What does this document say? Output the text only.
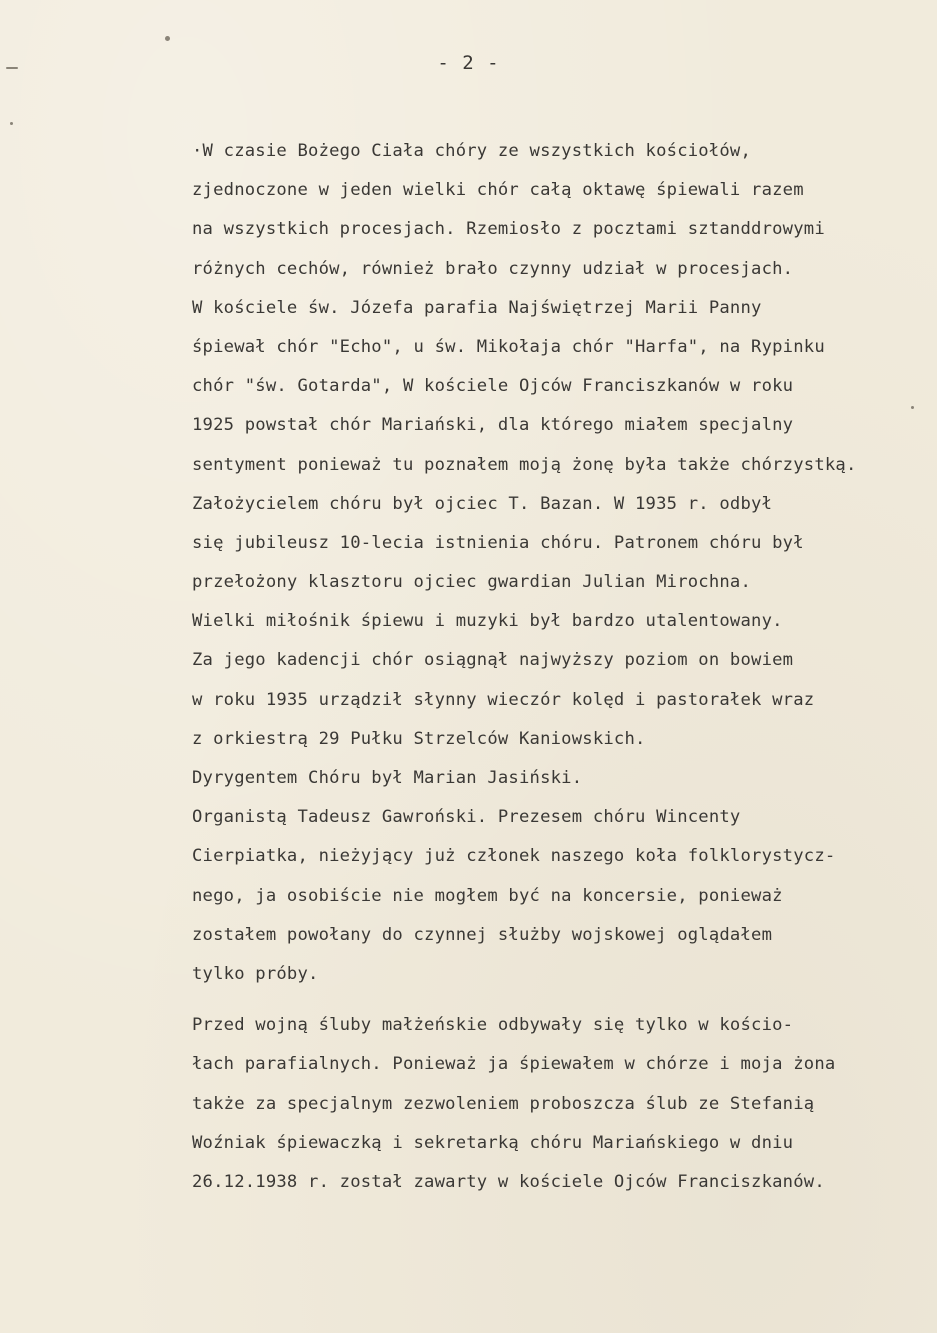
- 2 -
·W czasie Bożego Ciała chóry ze wszystkich kościołów,
zjednoczone w jeden wielki chór całą oktawę śpiewali razem
na wszystkich procesjach. Rzemiosło z pocztami sztanddrowymi
różnych cechów, również brało czynny udział w procesjach.
W kościele św. Józefa parafia Najświętrzej Marii Panny
śpiewał chór "Echo", u św. Mikołaja chór "Harfa", na Rypinku
chór "św. Gotarda", W kościele Ojców Franciszkanów w roku
1925 powstał chór Mariański, dla którego miałem specjalny
sentyment ponieważ tu poznałem moją żonę była także chórzystką.
Założycielem chóru był ojciec T. Bazan. W 1935 r. odbył
się jubileusz 10-lecia istnienia chóru. Patronem chóru był
przełożony klasztoru ojciec gwardian Julian Mirochna.
Wielki miłośnik śpiewu i muzyki był bardzo utalentowany.
Za jego kadencji chór osiągnął najwyższy poziom on bowiem
w roku 1935 urządził słynny wieczór kolęd i pastorałek wraz
z orkiestrą 29 Pułku Strzelców Kaniowskich.
Dyrygentem Chóru był Marian Jasiński.
Organistą Tadeusz Gawroński. Prezesem chóru Wincenty
Cierpiatka, nieżyjący już członek naszego koła folklorystycz-
nego, ja osobiście nie mogłem być na koncersie, ponieważ
zostałem powołany do czynnej służby wojskowej oglądałem
tylko próby.
Przed wojną śluby małżeńskie odbywały się tylko w kościo-
łach parafialnych. Ponieważ ja śpiewałem w chórze i moja żona
także za specjalnym zezwoleniem proboszcza ślub ze Stefanią
Woźniak śpiewaczką i sekretarką chóru Mariańskiego w dniu
26.12.1938 r. został zawarty w kościele Ojców Franciszkanów.
